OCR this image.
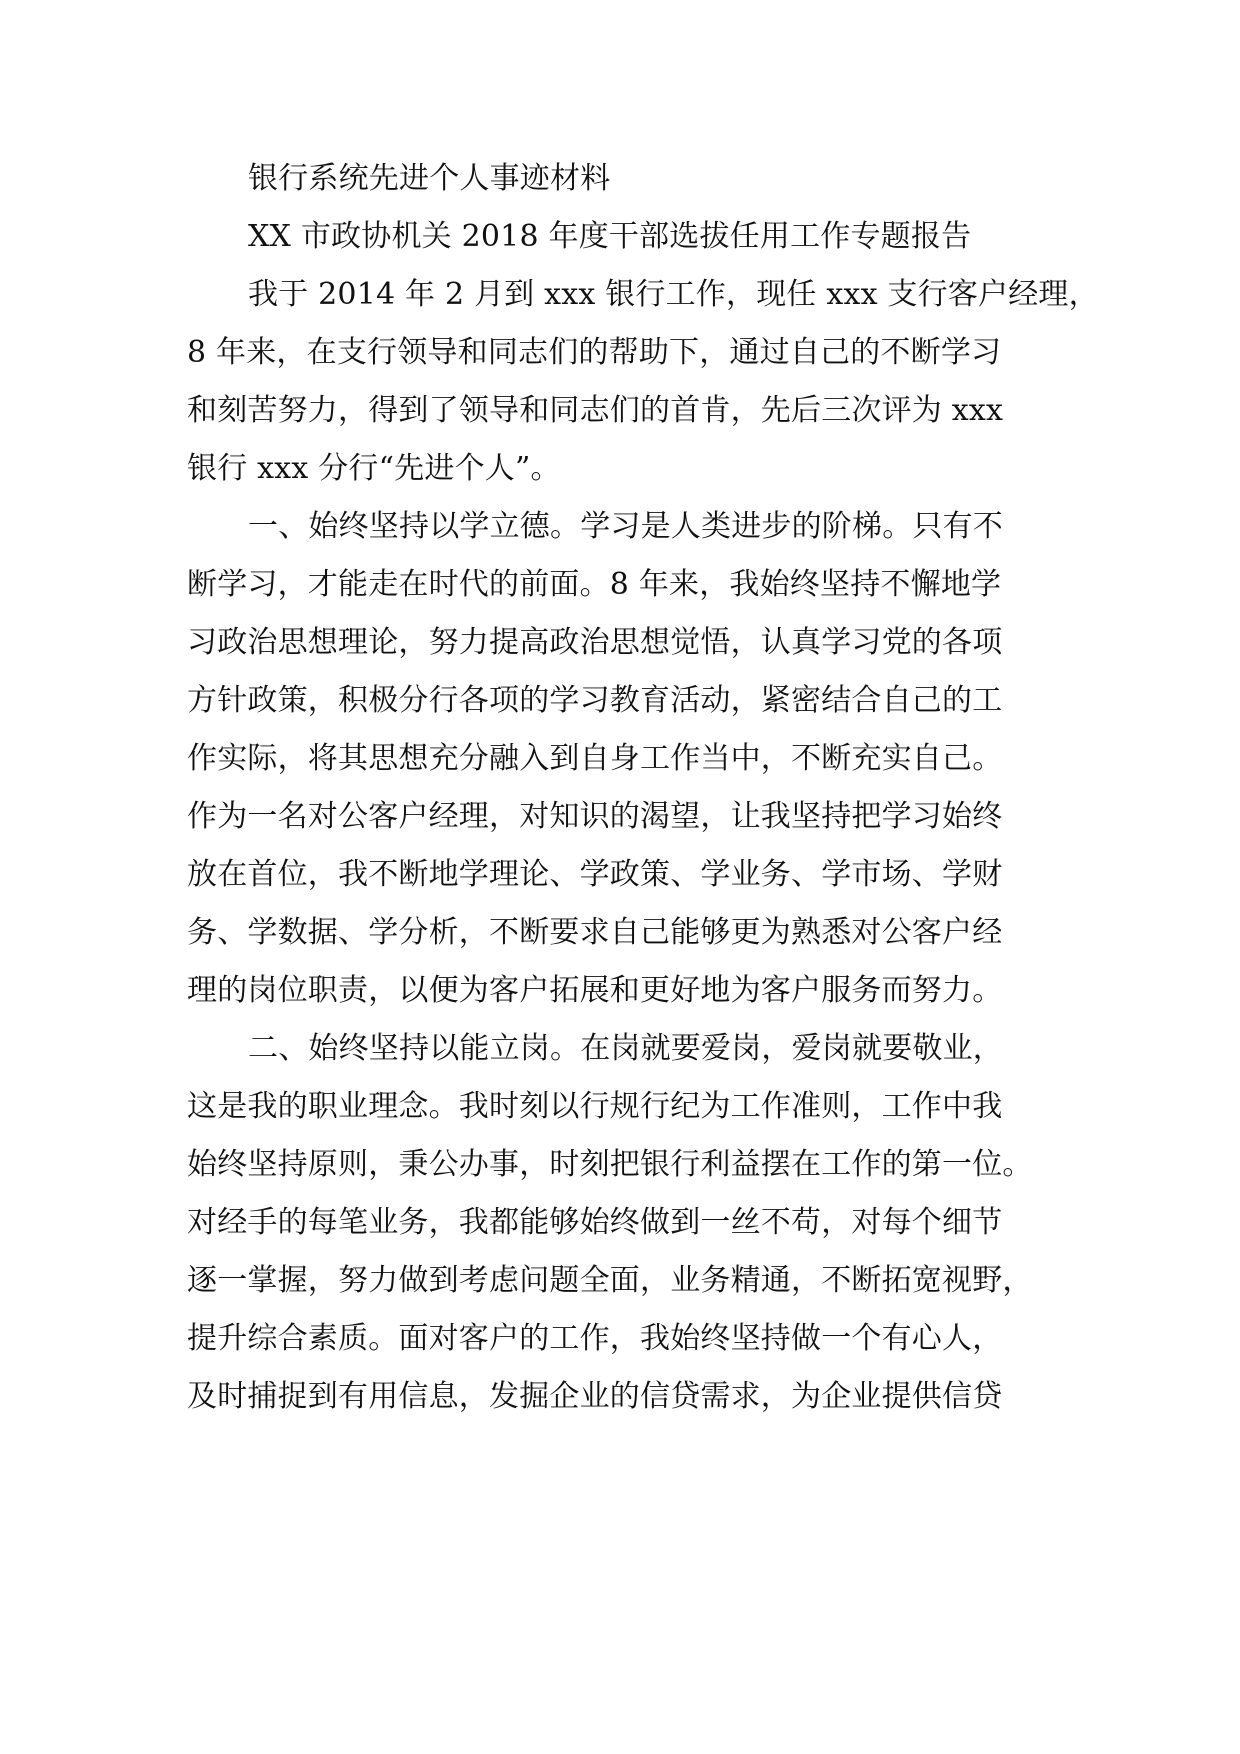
银行系统先进个人事迹材料
XX 市政协机关 2018 年度干部选拔任用工作专题报告
我于 2014 年 2 月到 xxx 银行工作，现任 xxx 支行客户经理，
8 年来，在支行领导和同志们的帮助下，通过自己的不断学习
和刻苦努力，得到了领导和同志们的首肯，先后三次评为 xxx
银行 xxx 分行“先进个人”。
一、始终坚持以学立德。学习是人类进步的阶梯。只有不
断学习，才能走在时代的前面。8 年来，我始终坚持不懈地学
习政治思想理论，努力提高政治思想觉悟，认真学习党的各项
方针政策，积极分行各项的学习教育活动，紧密结合自己的工
作实际，将其思想充分融入到自身工作当中，不断充实自己。
作为一名对公客户经理，对知识的渴望，让我坚持把学习始终
放在首位，我不断地学理论、学政策、学业务、学市场、学财
务、学数据、学分析，不断要求自己能够更为熟悉对公客户经
理的岗位职责，以便为客户拓展和更好地为客户服务而努力。
二、始终坚持以能立岗。在岗就要爱岗，爱岗就要敬业，
这是我的职业理念。我时刻以行规行纪为工作准则，工作中我
始终坚持原则，秉公办事，时刻把银行利益摆在工作的第一位。
对经手的每笔业务，我都能够始终做到一丝不苟，对每个细节
逐一掌握，努力做到考虑问题全面，业务精通，不断拓宽视野，
提升综合素质。面对客户的工作，我始终坚持做一个有心人，
及时捕捉到有用信息，发掘企业的信贷需求，为企业提供信贷
